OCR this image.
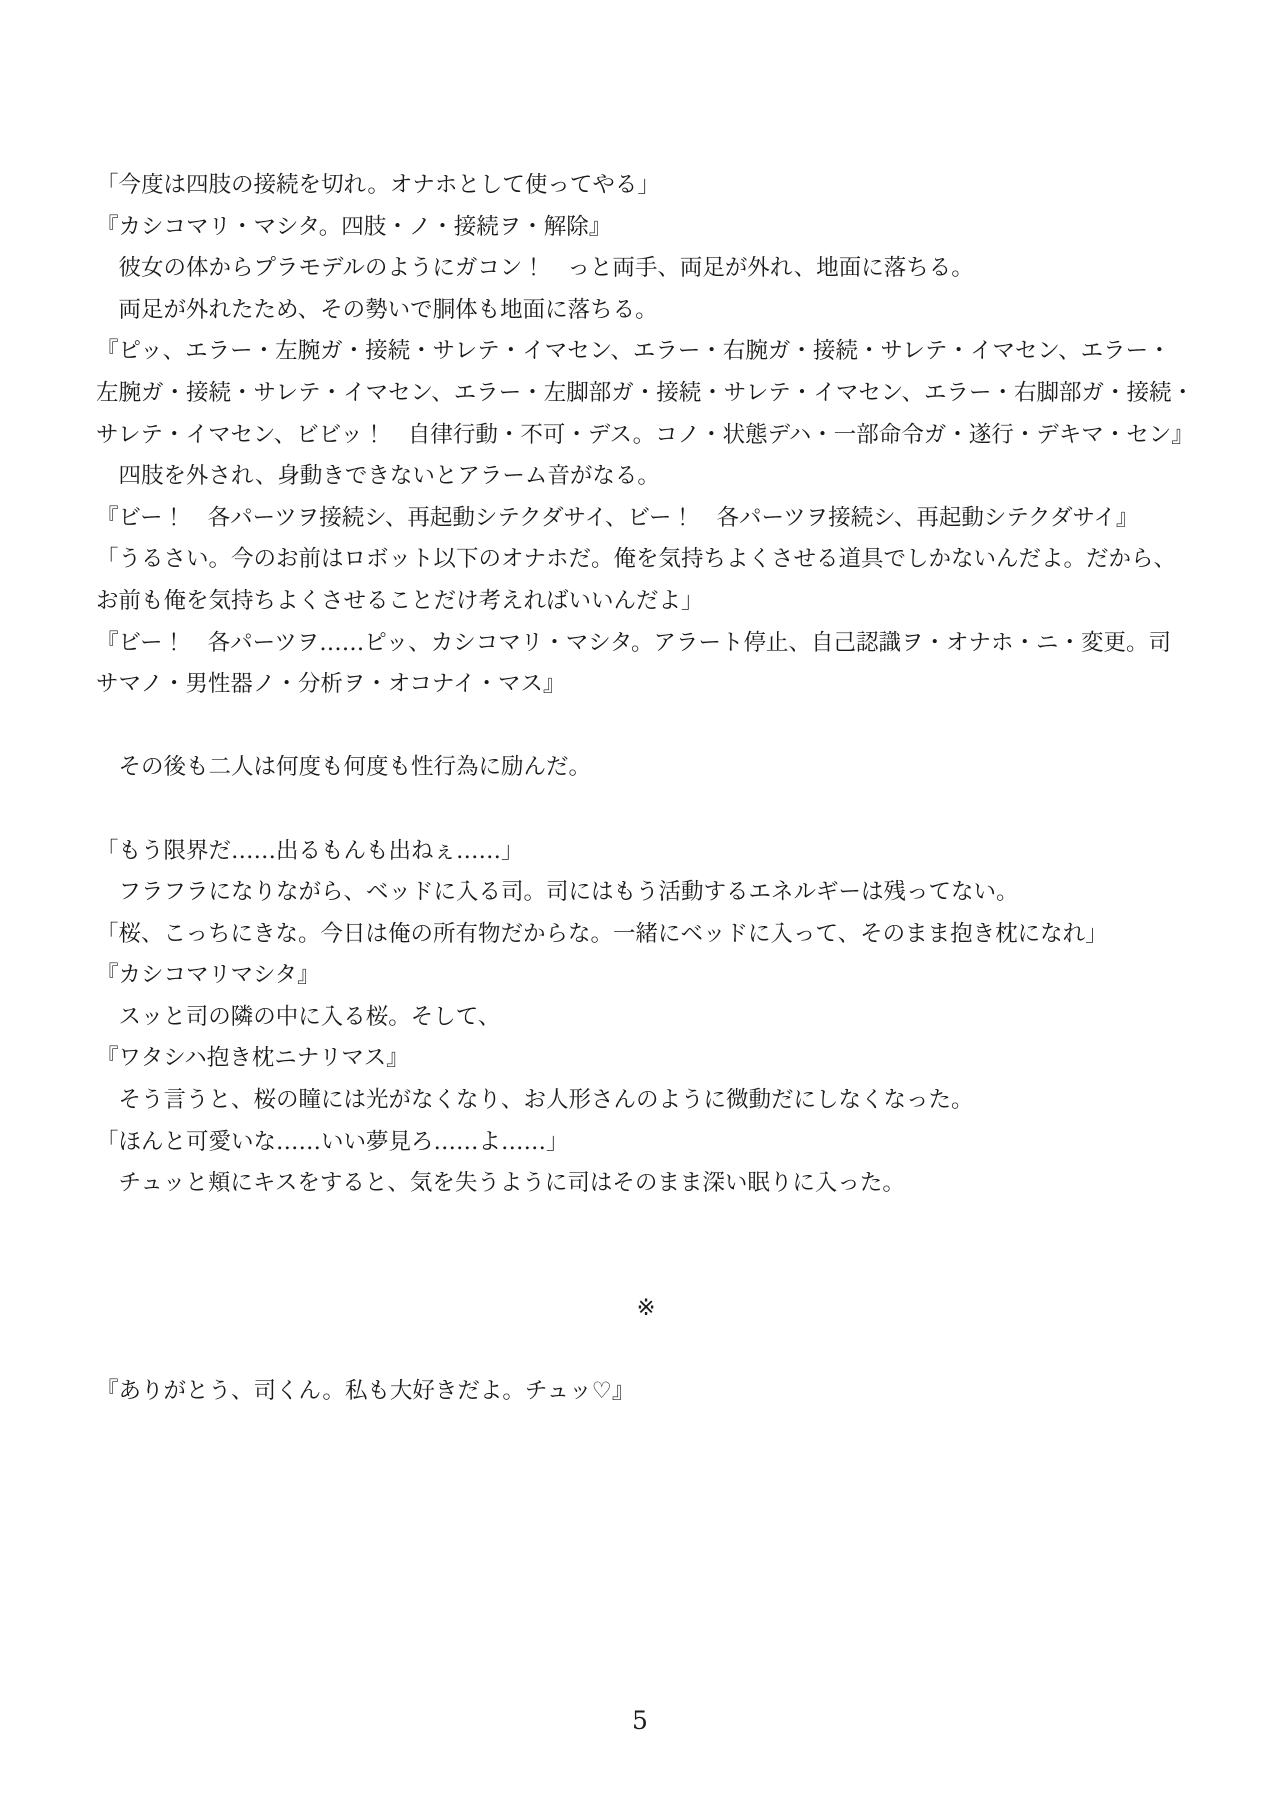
「今度は四肢の接続を切れ。オナホとして使ってやる」
『カシコマリ・マシタ。四肢・ノ・接続ヲ・解除』
　彼女の体からプラモデルのようにガコン！　っと両手、両足が外れ、地面に落ちる。
　両足が外れたため、その勢いで胴体も地面に落ちる。
『ピッ、エラー・左腕ガ・接続・サレテ・イマセン、エラー・右腕ガ・接続・サレテ・イマセン、エラー・
左腕ガ・接続・サレテ・イマセン、エラー・左脚部ガ・接続・サレテ・イマセン、エラー・右脚部ガ・接続・
サレテ・イマセン、ビビッ！　自律行動・不可・デス。コノ・状態デハ・一部命令ガ・遂行・デキマ・セン』
　四肢を外され、身動きできないとアラーム音がなる。
『ビー！　各パーツヲ接続シ、再起動シテクダサイ、ビー！　各パーツヲ接続シ、再起動シテクダサイ』
「うるさい。今のお前はロボット以下のオナホだ。俺を気持ちよくさせる道具でしかないんだよ。だから、
お前も俺を気持ちよくさせることだけ考えればいいんだよ」
『ビー！　各パーツヲ……ピッ、カシコマリ・マシタ。アラート停止、自己認識ヲ・オナホ・ニ・変更。司
サマノ・男性器ノ・分析ヲ・オコナイ・マス』

　その後も二人は何度も何度も性行為に励んだ。

「もう限界だ……出るもんも出ねぇ……」
　フラフラになりながら、ベッドに入る司。司にはもう活動するエネルギーは残ってない。
「桜、こっちにきな。今日は俺の所有物だからな。一緒にベッドに入って、そのまま抱き枕になれ」
『カシコマリマシタ』
　スッと司の隣の中に入る桜。そして、
『ワタシハ抱き枕ニナリマス』
　そう言うと、桜の瞳には光がなくなり、お人形さんのように微動だにしなくなった。
「ほんと可愛いな……いい夢見ろ……よ……」
　チュッと頬にキスをすると、気を失うように司はそのまま深い眠りに入った。

※

『ありがとう、司くん。私も大好きだよ。チュッ♡』
5
